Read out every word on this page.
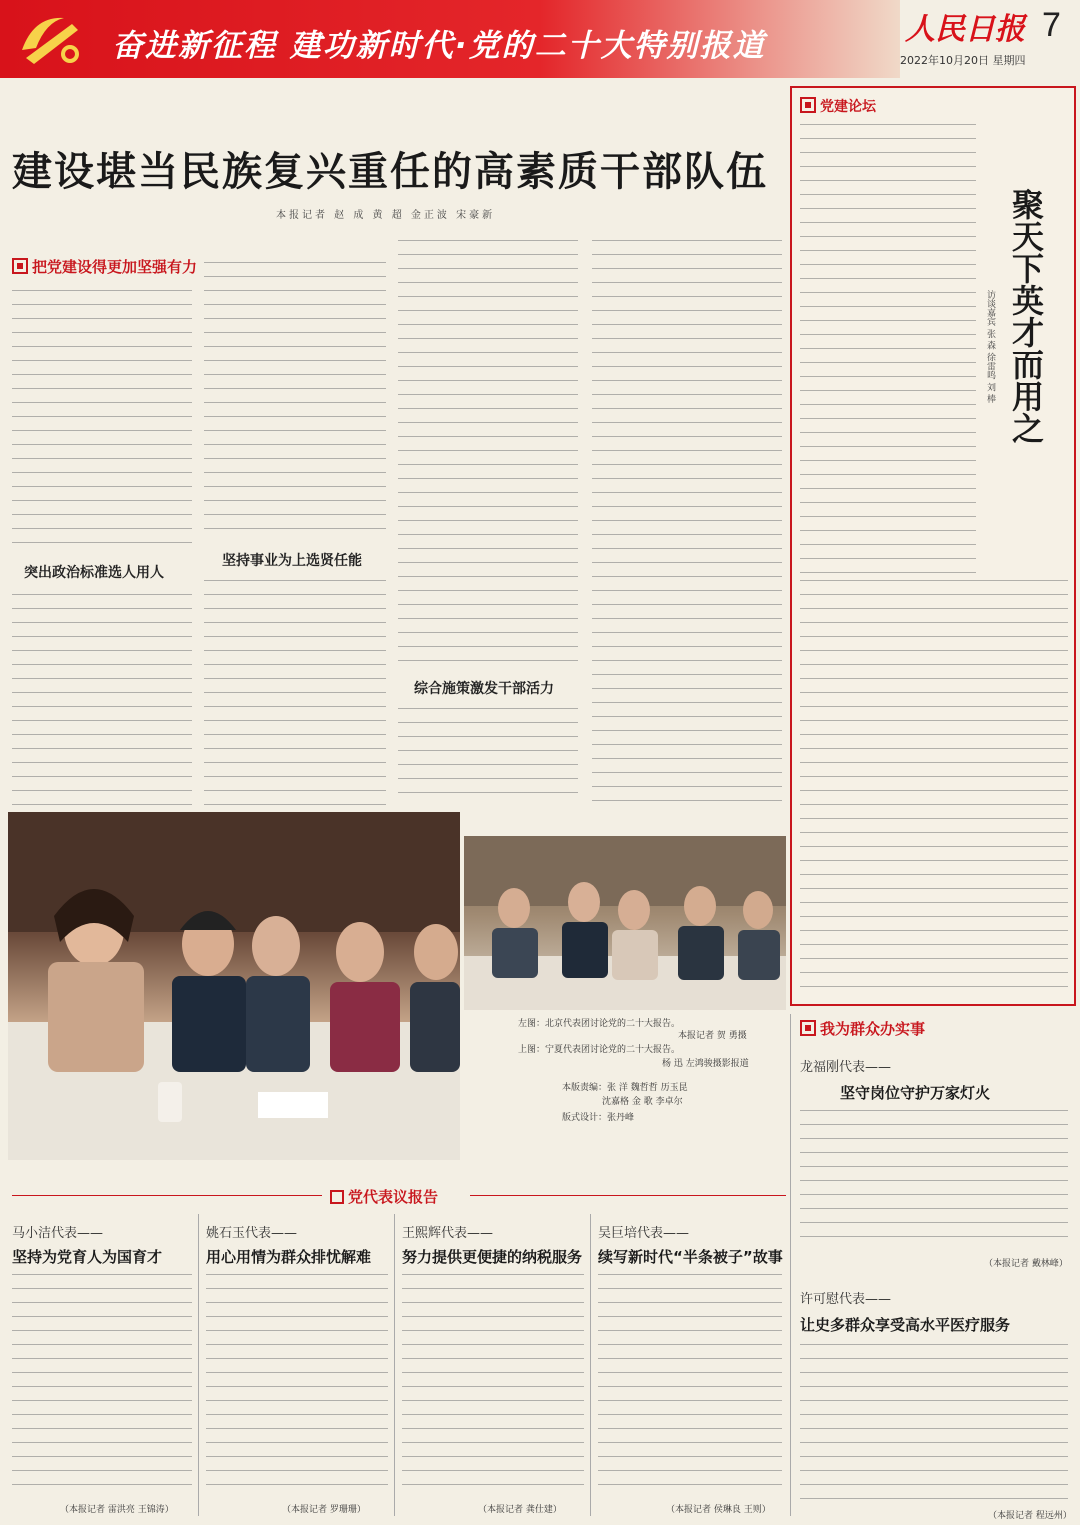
奋进新征程 建功新时代·党的二十大特别报道	人民日报 7
2022年10月20日 星期四
建设堪当民族复兴重任的高素质干部队伍
本报记者 赵 成 黄 超 金正波 宋豪新
把党建设得更加坚强有力
突出政治标准选人用人
坚持事业为上选贤任能
综合施策激发干部活力
党建论坛
聚天下英才而用之
访谈嘉宾 张 森 徐雷鸣 刘 棒
左图：北京代表团讨论党的二十大报告。
本报记者 贺 勇摄
上图：宁夏代表团讨论党的二十大报告。
杨 迅 左鸿骏摄影报道
本版责编：张 洋 魏哲哲 历玉昆
沈嘉格 金 歌 李卓尔
版式设计：张丹峰
我为群众办实事
龙福刚代表——
坚守岗位守护万家灯火
（本报记者 戴林峰）
许可慰代表——
让史多群众享受高水平医疗服务
（本报记者 程远州）
党代表议报告
马小洁代表——
坚持为党育人为国育才
（本报记者 雷洪亮 王锦涛）
姚石玉代表——
用心用情为群众排忧解难
（本报记者 罗珊珊）
王熙辉代表——
努力提供更便捷的纳税服务
（本报记者 龚仕建）
吴巨培代表——
续写新时代“半条被子”故事
（本报记者 侯琳良 王则）
